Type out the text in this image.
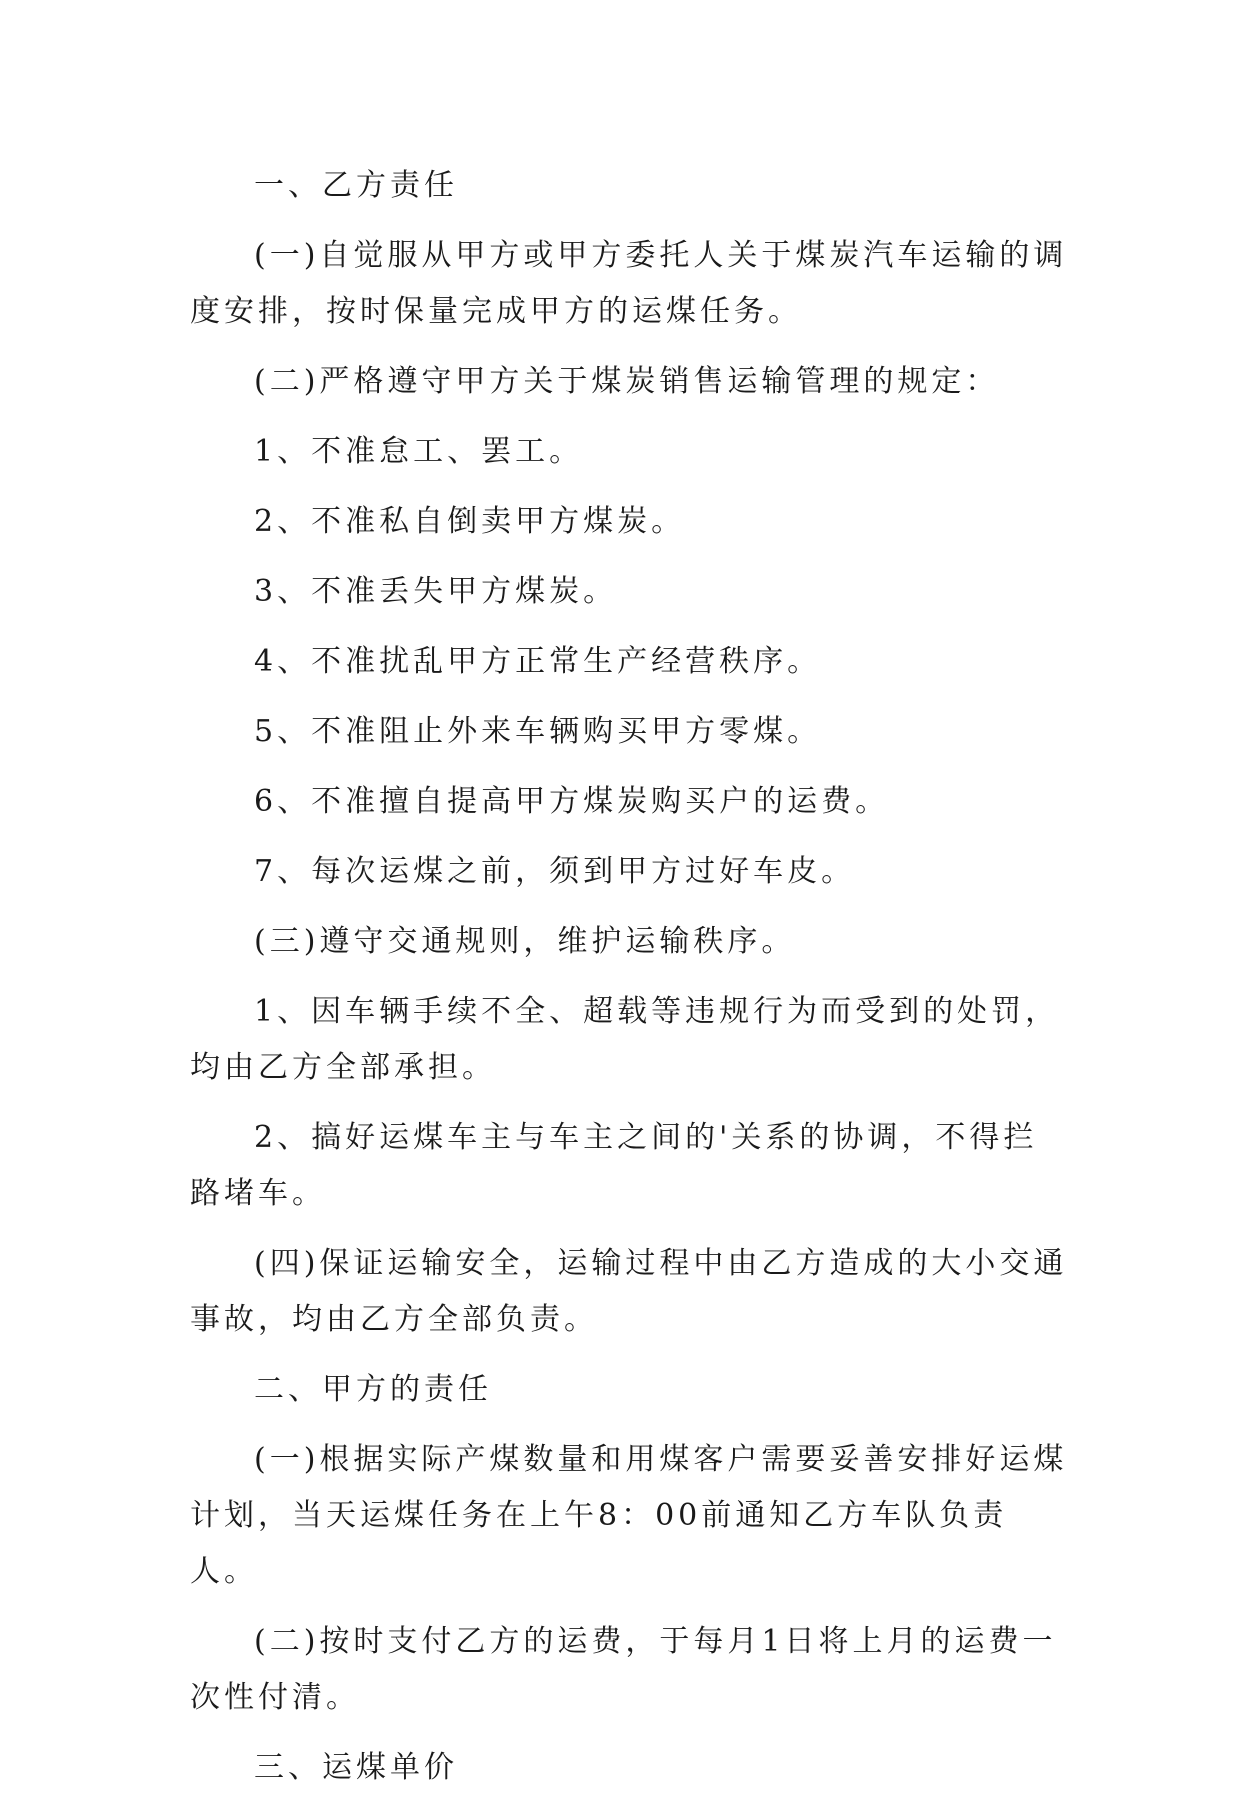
一、乙方责任

(一)自觉服从甲方或甲方委托人关于煤炭汽车运输的调度安排，按时保量完成甲方的运煤任务。

(二)严格遵守甲方关于煤炭销售运输管理的规定：

1、不准怠工、罢工。

2、不准私自倒卖甲方煤炭。

3、不准丢失甲方煤炭。

4、不准扰乱甲方正常生产经营秩序。

5、不准阻止外来车辆购买甲方零煤。

6、不准擅自提高甲方煤炭购买户的运费。

7、每次运煤之前，须到甲方过好车皮。

(三)遵守交通规则，维护运输秩序。

1、因车辆手续不全、超载等违规行为而受到的处罚，均由乙方全部承担。

2、搞好运煤车主与车主之间的'关系的协调，不得拦路堵车。

(四)保证运输安全，运输过程中由乙方造成的大小交通事故，均由乙方全部负责。

二、甲方的责任

(一)根据实际产煤数量和用煤客户需要妥善安排好运煤计划，当天运煤任务在上午8：00前通知乙方车队负责人。

(二)按时支付乙方的运费，于每月1日将上月的运费一次性付清。

三、运煤单价
